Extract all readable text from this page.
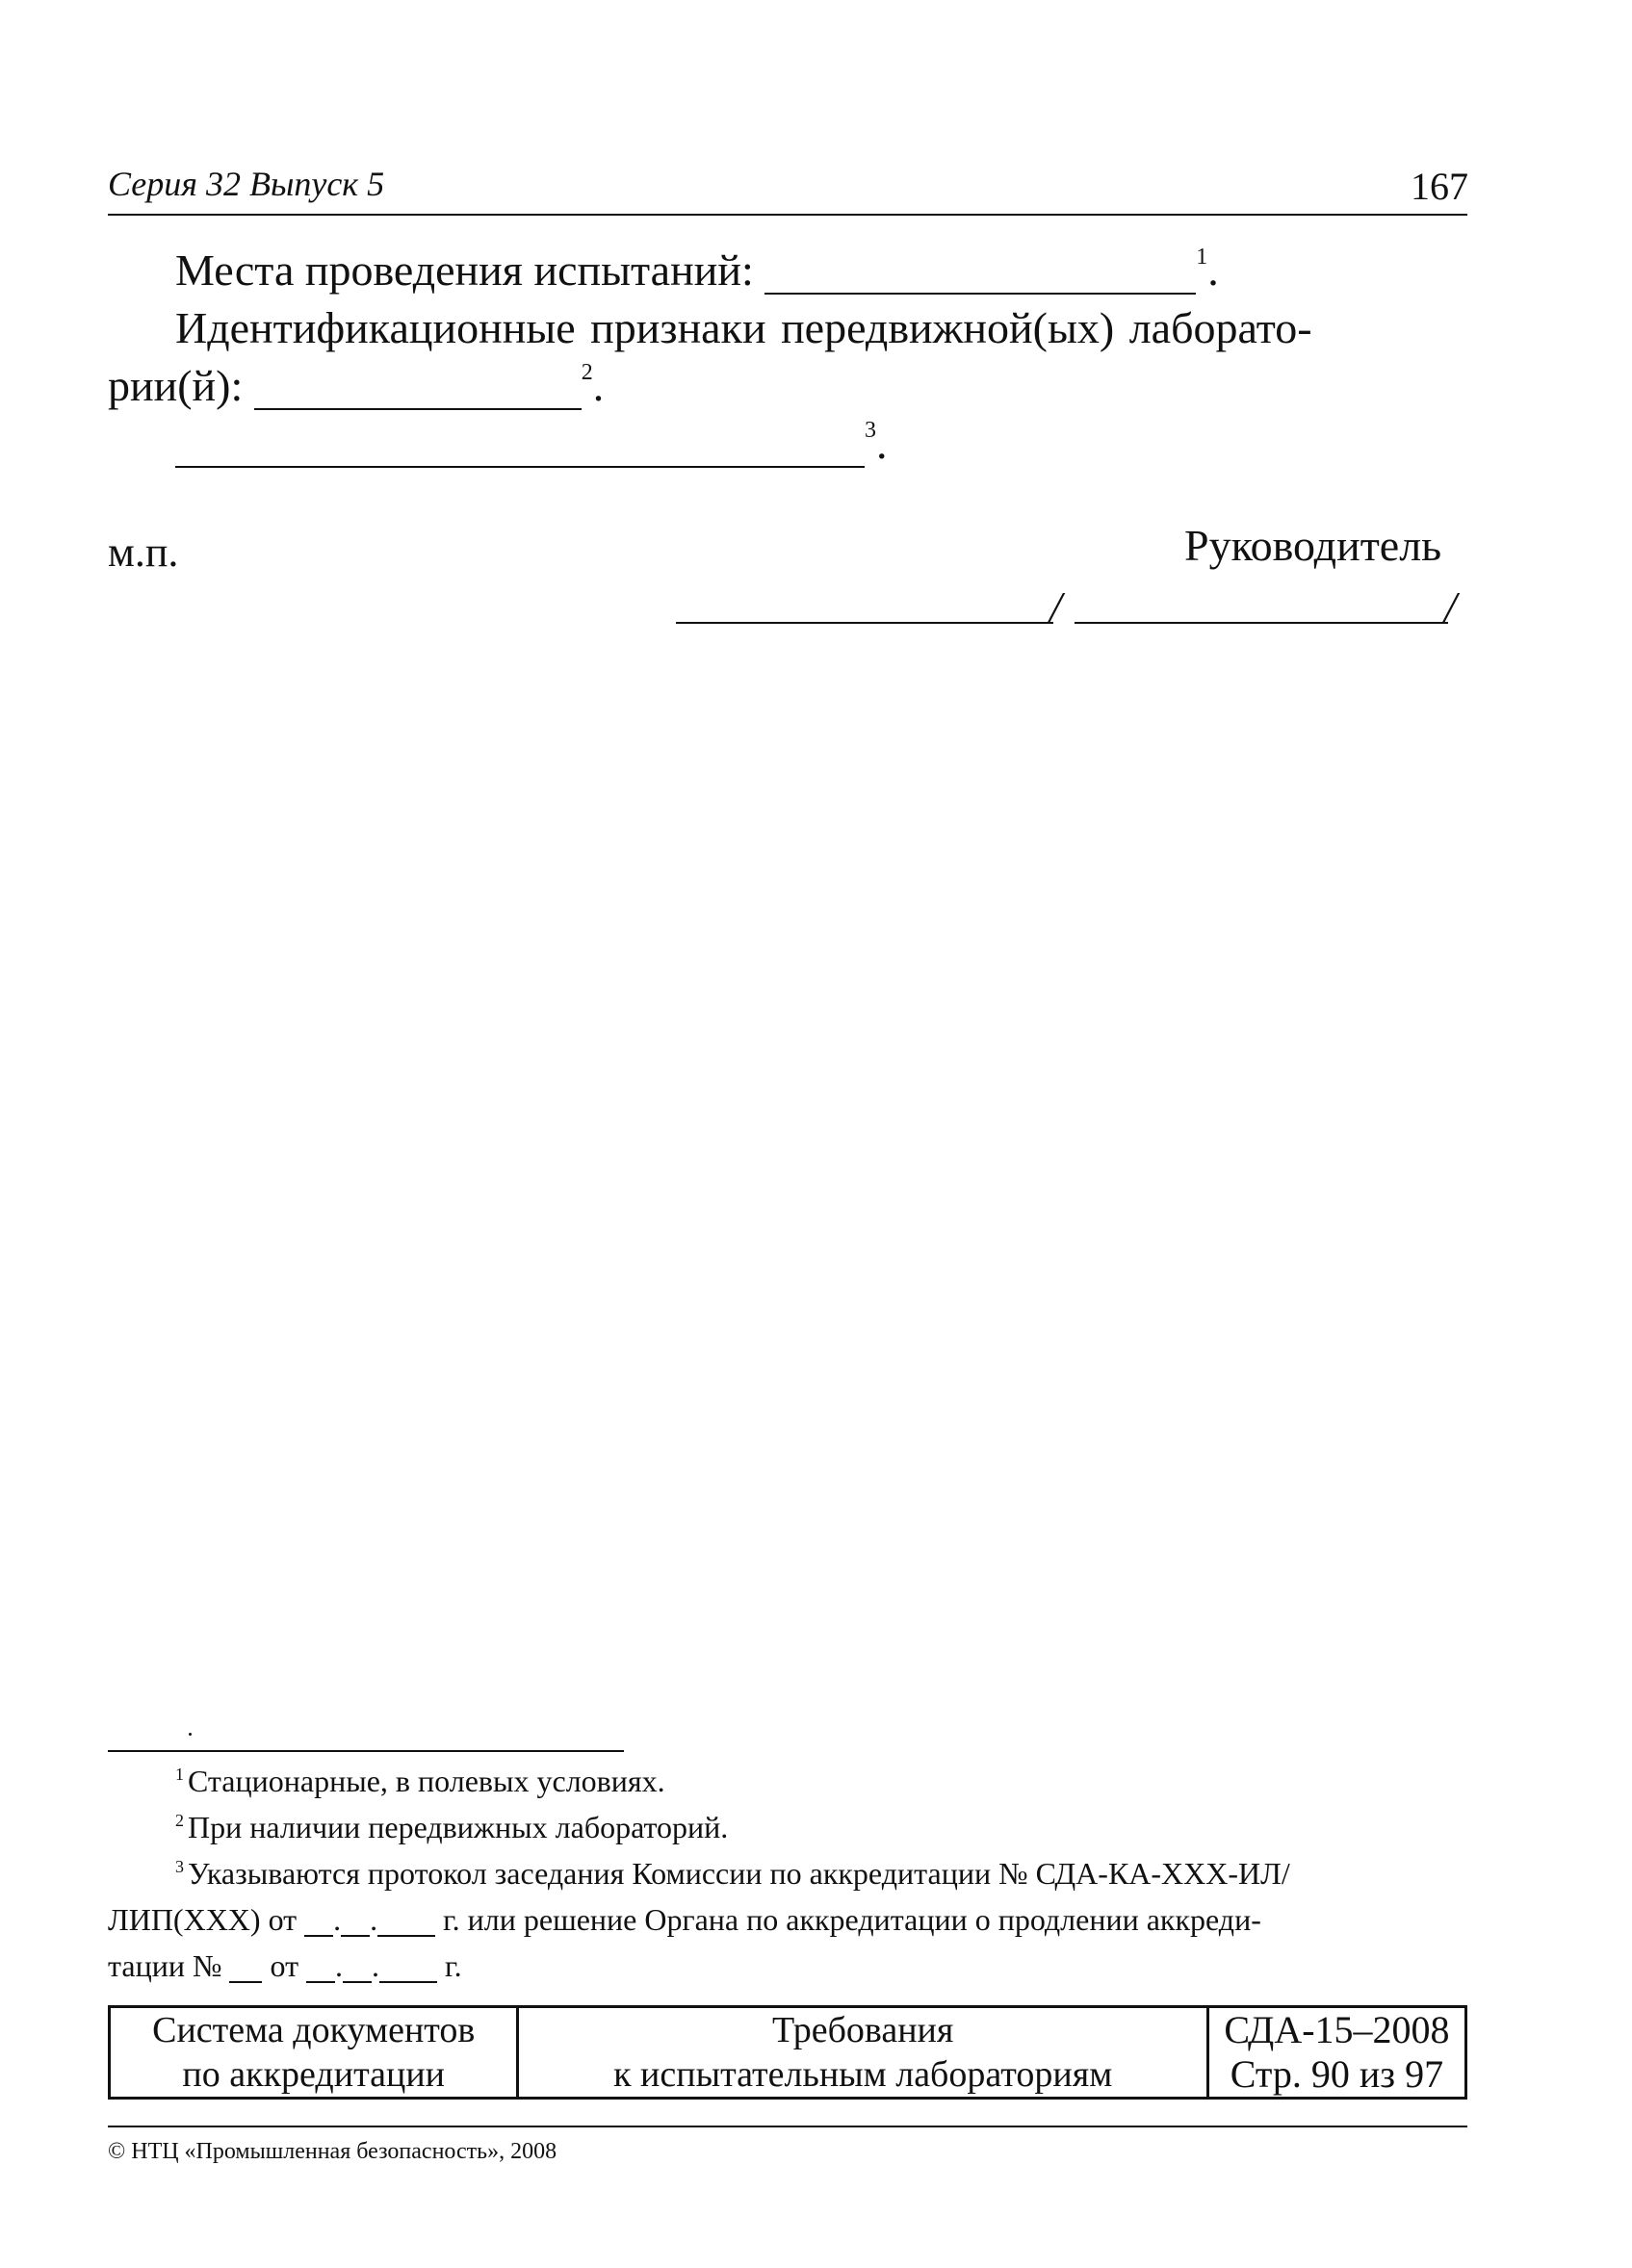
Серия 32 Выпуск 5	167
Места проведения испытаний:	$^1$.
Идентификационные признаки передвижной(ых) лаборато-
рии(й):	$^2$.
$^3$.
м.п.	Руководитель
/	/
$^1$ Стационарные, в полевых условиях.
$^2$ При наличии передвижных лабораторий.
$^3$ Указываются протокол заседания Комиссии по аккредитации № СДА-КА-ХХХ-ИЛ/
ЛИП(ХХХ) от . . г. или решение Органа по аккредитации о продлении аккреди-
тации № от . . г.
Система документов
по аккредитации

Требования
к испытательным лабораториям

СДА-15–2008
Стр. 90 из 97
© НТЦ «Промышленная безопасность», 2008
